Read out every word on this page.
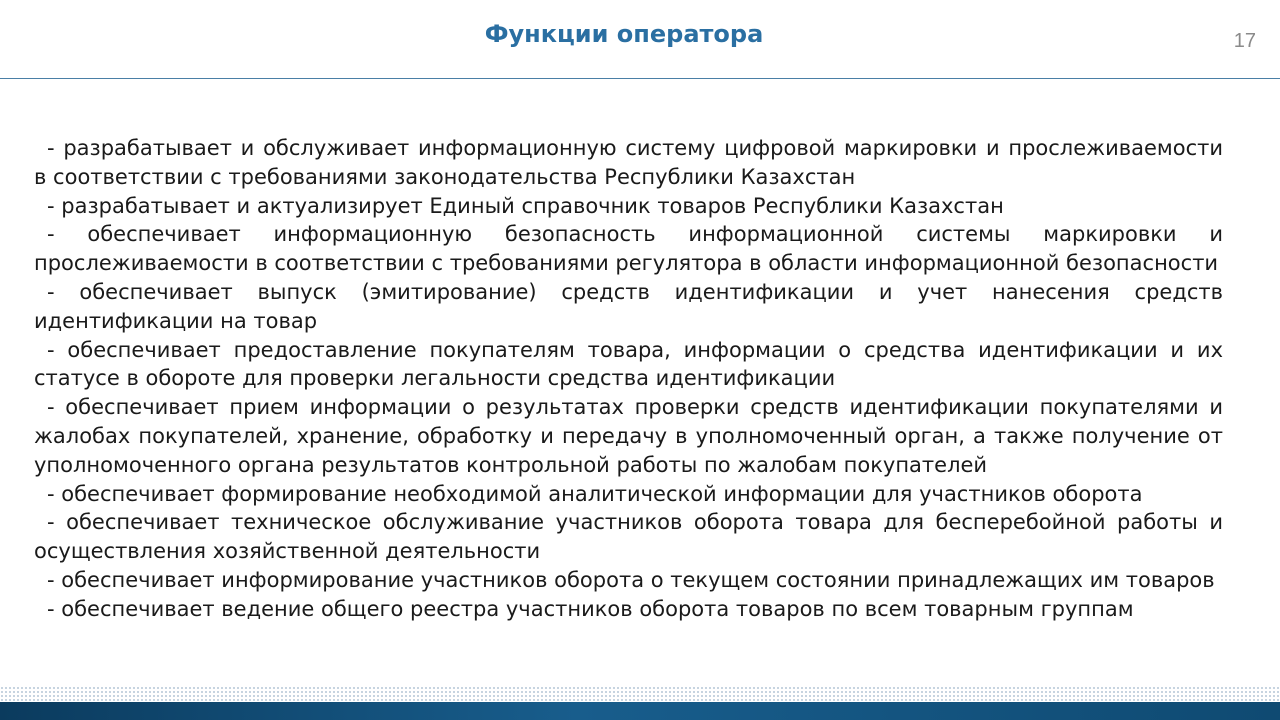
Функции оператора	17

- разрабатывает и обслуживает информационную систему цифровой маркировки и прослеживаемости в соответствии с требованиями законодательства Республики Казахстан

- разрабатывает и актуализирует Единый справочник товаров Республики Казахстан

- обеспечивает информационную безопасность информационной системы маркировки и прослеживаемости в соответствии с требованиями регулятора в области информационной безопасности

- обеспечивает выпуск (эмитирование) средств идентификации и учет нанесения средств идентификации на товар

- обеспечивает предоставление покупателям товара, информации о средства идентификации и их статусе в обороте для проверки легальности средства идентификации

- обеспечивает прием информации о результатах проверки средств идентификации покупателями и жалобах покупателей, хранение, обработку и передачу в уполномоченный орган, а также получение от уполномоченного органа результатов контрольной работы по жалобам покупателей

- обеспечивает формирование необходимой аналитической информации для участников оборота

- обеспечивает техническое обслуживание участников оборота товара для бесперебойной работы и осуществления хозяйственной деятельности

- обеспечивает информирование участников оборота о текущем состоянии принадлежащих им товаров

- обеспечивает ведение общего реестра участников оборота товаров по всем товарным группам
